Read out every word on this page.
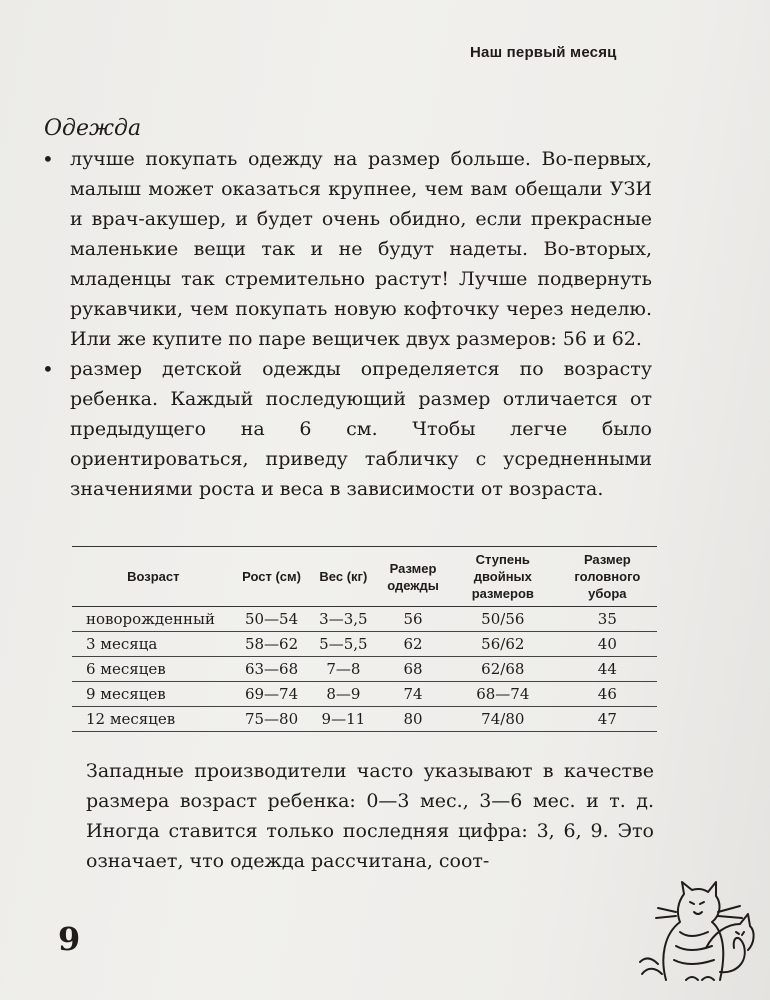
Наш первый месяц
Одежда
• лучше покупать одежду на размер больше. Во-первых, малыш может оказаться крупнее, чем вам обещали УЗИ и врач-акушер, и будет очень обидно, если прекрасные маленькие вещи так и не будут надеты. Во-вторых, младенцы так стремительно растут! Лучше подвернуть рукавчики, чем покупать новую кофточку через неделю. Или же купите по паре вещичек двух размеров: 56 и 62.
• размер детской одежды определяется по возрасту ребенка. Каждый последующий размер отличается от предыдущего на 6 см. Чтобы легче было ориентироваться, приведу табличку с усредненными значениями роста и веса в зависимости от возраста.
Возраст	Рост (см)	Вес (кг)	Размер одежды	Ступень двойных размеров	Размер головного убора
новорожденный	50—54	3—3,5	56	50/56	35
3 месяца	58—62	5—5,5	62	56/62	40
6 месяцев	63—68	7—8	68	62/68	44
9 месяцев	69—74	8—9	74	68—74	46
12 месяцев	75—80	9—11	80	74/80	47
Западные производители часто указывают в качестве размера возраст ребенка: 0—3 мес., 3—6 мес. и т. д. Иногда ставится только последняя цифра: 3, 6, 9. Это означает, что одежда рассчитана, соот-
9
